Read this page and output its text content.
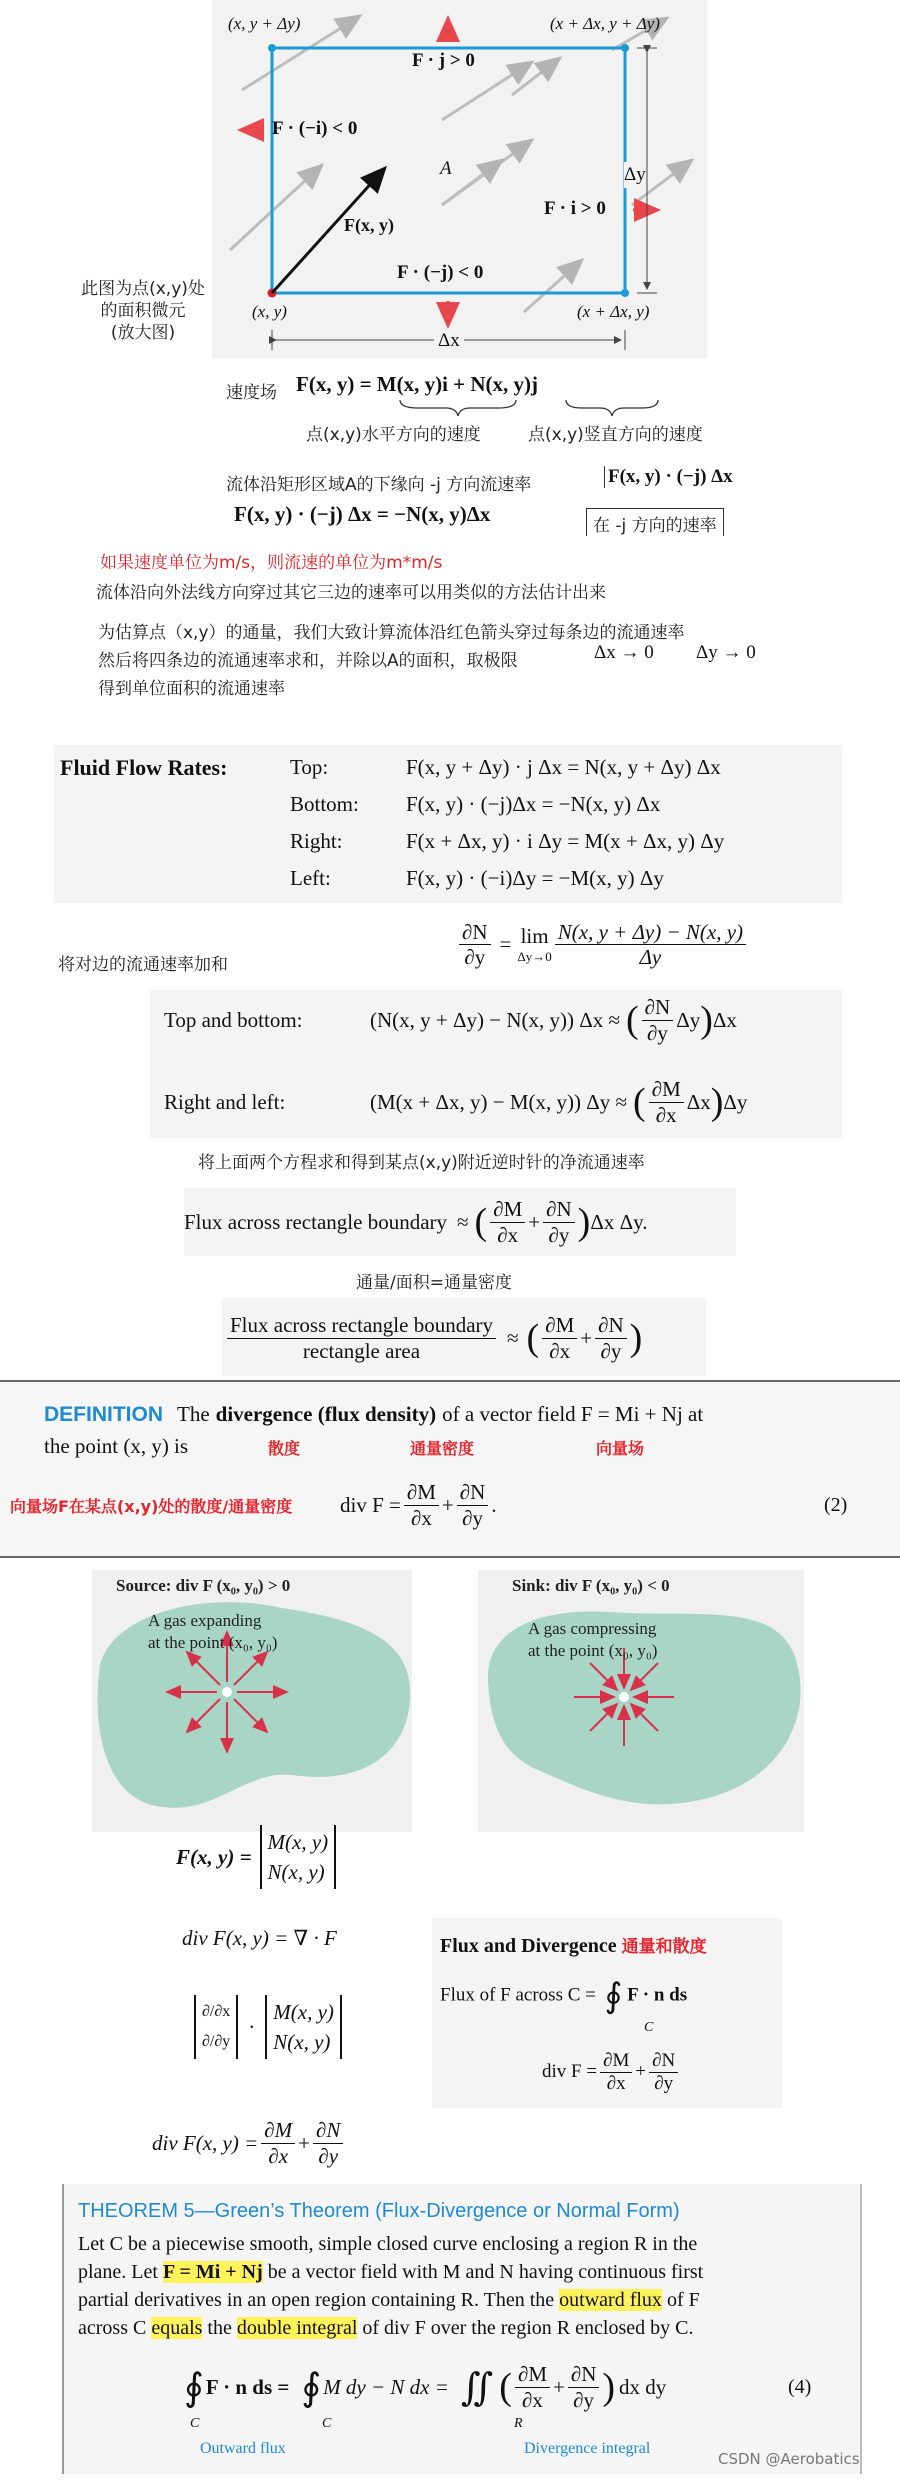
(x, y + Δy)	(x + Δx, y + Δy)
(x, y)	(x + Δx, y)
F · j > 0
F · (−i) < 0
F · i > 0
F · (−j) < 0
A
F(x, y)
Δx
Δy
此图为点(x,y)处
的面积微元
(放大图)
速度场 F(x, y) = M(x, y)i + N(x, y)j
点(x,y)水平方向的速度	点(x,y)竖直方向的速度
流体沿矩形区域A的下缘向 -j 方向流速率	F(x, y) · (−j) Δx
F(x, y) · (−j) Δx = −N(x, y)Δx	在 -j 方向的速率
如果速度单位为m/s，则流速的单位为m*m/s
流体沿向外法线方向穿过其它三边的速率可以用类似的方法估计出来
为估算点（x,y）的通量，我们大致计算流体沿红色箭头穿过每条边的流通速率
然后将四条边的流通速率求和，并除以A的面积，取极限	Δx → 0 Δy → 0
得到单位面积的流通速率
Fluid Flow Rates:	Top:	F(x, y + Δy) · j Δx = N(x, y + Δy) Δx
Bottom: F(x, y) · (−j)Δx = −N(x, y) Δx
Right:	F(x + Δx, y) · i Δy = M(x + Δx, y) Δy
Left:	F(x, y) · (−i)Δy = −M(x, y) Δy
将对边的流通速率加和	$\frac{\partial N}{\partial y} = \lim$
$\Delta y\to 0 \frac{N(x, y + \Delta y) - N(x, y)}{\Delta y}$
Top and bottom:	(N(x, y + Δy) − N(x, y)) Δx ≈ ( $\frac{\partial N}{\partial y}$ Δy ) Δx
Right and left:	(M(x + Δx, y) − M(x, y)) Δy ≈ ( $\frac{\partial M}{\partial x}$ Δx ) Δy
将上面两个方程求和得到某点(x,y)附近逆时针的净流通速率
Flux across rectangle boundary ≈ ( $\frac{\partial M}{\partial x} + \frac{\partial N}{\partial y}$ ) Δx Δy.
通量/面积=通量密度
$\frac{\text{Flux across rectangle boundary}}{\text{rectangle area}}$ ≈ ( $\frac{\partial M}{\partial x} + \frac{\partial N}{\partial y}$ )
DEFINITION The divergence (flux density) of a vector field F = Mi + Nj at
the point (x, y) is	散度	通量密度	向量场
向量场F在某点(x,y)处的散度/通量密度 div $F = \frac{\partial M}{\partial x} + \frac{\partial N}{\partial y}$ .	(2)
Source: div F (x₀, y₀) > 0
A gas expanding
at the point (x₀, y₀)
Sink: div F (x₀, y₀) < 0
A gas compressing
at the point (x₀, y₀)
F(x, y) =
M(x, y)
N(x, y)
div F(x, y) = ∇ · F
∂/∂x
∂/∂y
·
M(x, y)
N(x, y)
div F(x, $y) = \frac{\partial M}{\partial x} + \frac{\partial N}{\partial y}$
Flux and Divergence 通量和散度
Flux of F across C = ∮ F · n ds
C
div $F = \frac{\partial M}{\partial x} + \frac{\partial N}{\partial y}$
THEOREM 5—Green’s Theorem (Flux-Divergence or Normal Form)
Let C be a piecewise smooth, simple closed curve enclosing a region R in the
plane. Let F = Mi + Nj be a vector field with M and N having continuous first
partial derivatives in an open region containing R. Then the outward flux of F
across C equals the double integral of div F over the region R enclosed by C.
∮ F · n ds = ∮ M dy − N dx = ∬ ( $\frac{\partial M}{\partial x} + \frac{\partial N}{\partial y}$ ) dx dy
C	C	R
(4)
Outward flux	Divergence integral
CSDN @Aerobatics
